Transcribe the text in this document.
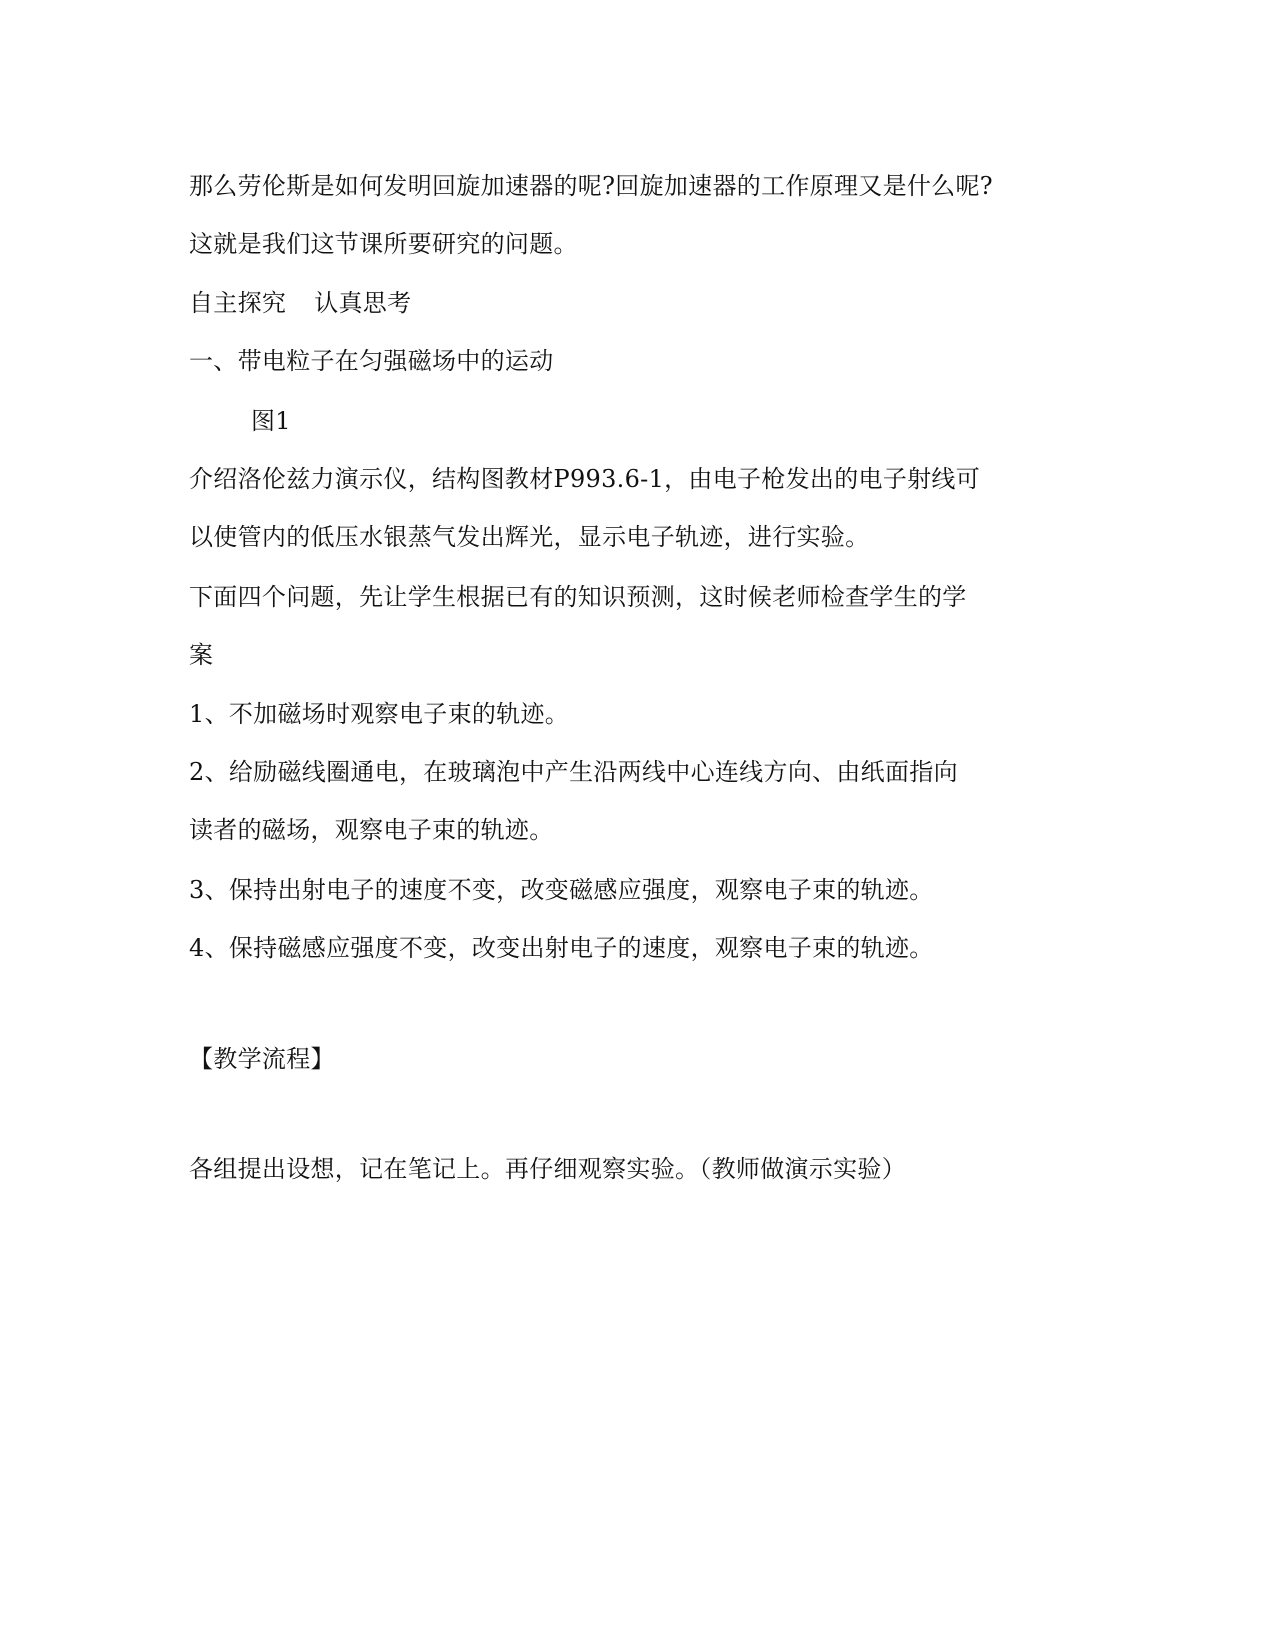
那么劳伦斯是如何发明回旋加速器的呢?回旋加速器的工作原理又是什么呢?
这就是我们这节课所要研究的问题。
自主探究 认真思考
一、带电粒子在匀强磁场中的运动
图1
介绍洛伦兹力演示仪，结构图教材P993.6-1，由电子枪发出的电子射线可
以使管内的低压水银蒸气发出辉光，显示电子轨迹，进行实验。
下面四个问题，先让学生根据已有的知识预测，这时候老师检查学生的学
案
1、不加磁场时观察电子束的轨迹。
2、给励磁线圈通电，在玻璃泡中产生沿两线中心连线方向、由纸面指向
读者的磁场，观察电子束的轨迹。
3、保持出射电子的速度不变，改变磁感应强度，观察电子束的轨迹。
4、保持磁感应强度不变，改变出射电子的速度，观察电子束的轨迹。
【教学流程】
各组提出设想，记在笔记上。再仔细观察实验。（教师做演示实验）
